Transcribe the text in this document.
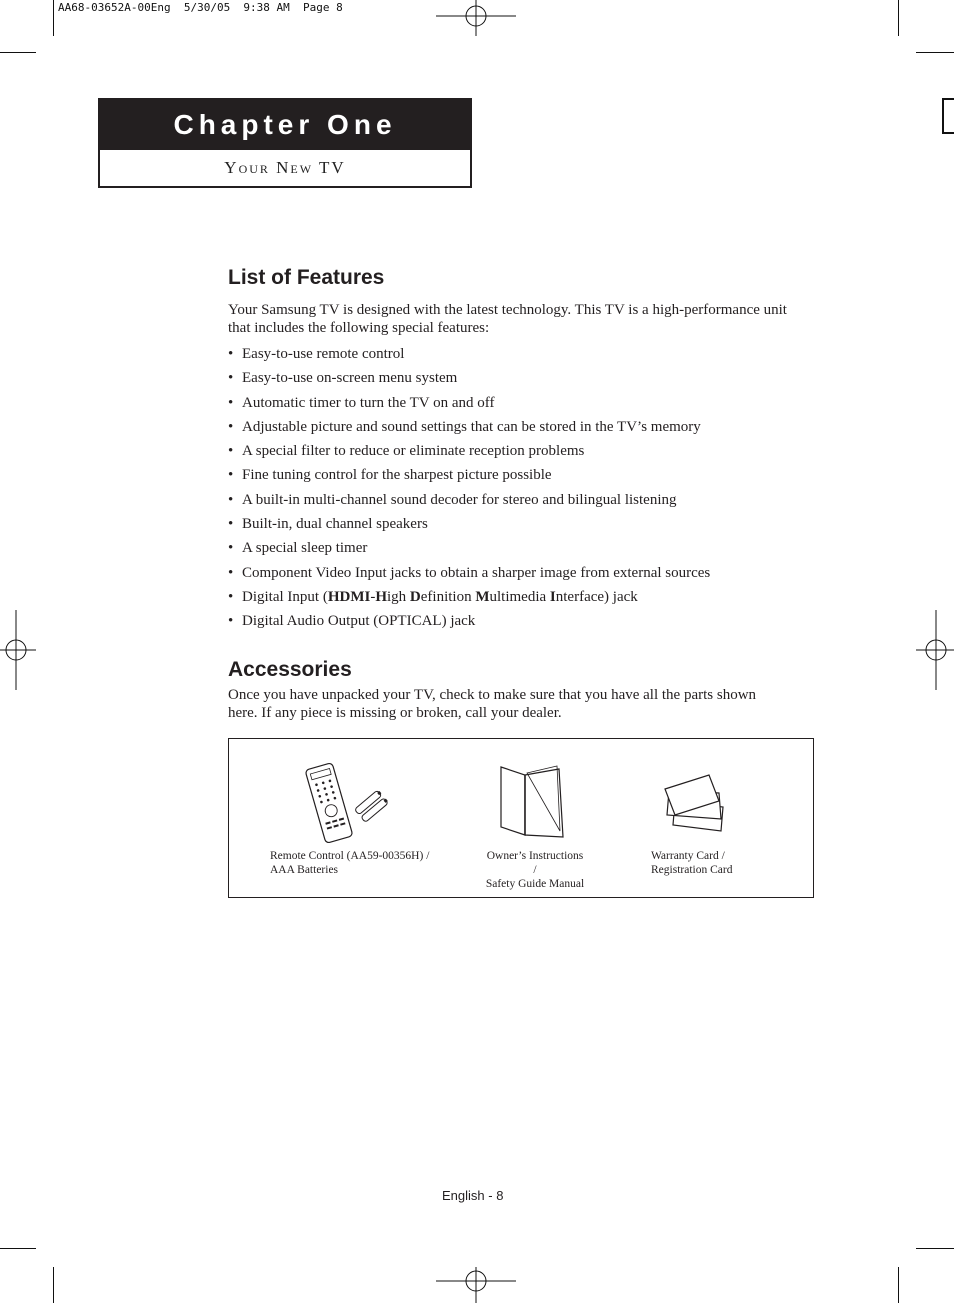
AA68-03652A-00Eng  5/30/05  9:38 AM  Page 8
Chapter One
Your New TV
List of Features

Your Samsung TV is designed with the latest technology. This TV is a high-performance unit
that includes the following special features:

• Easy-to-use remote control
• Easy-to-use on-screen menu system
• Automatic timer to turn the TV on and off
• Adjustable picture and sound settings that can be stored in the TV’s memory
• A special filter to reduce or eliminate reception problems
• Fine tuning control for the sharpest picture possible
• A built-in multi-channel sound decoder for stereo and bilingual listening
• Built-in, dual channel speakers
• A special sleep timer
• Component Video Input jacks to obtain a sharper image from external sources
• Digital Input (HDMI-High Definition Multimedia Interface) jack
• Digital Audio Output (OPTICAL) jack
Accessories

Once you have unpacked your TV, check to make sure that you have all the parts shown
here. If any piece is missing or broken, call your dealer.

Remote Control (AA59-00356H) /
AAA Batteries
Owner’s Instructions /
Safety Guide Manual
Warranty Card /
Registration Card
English - 8
